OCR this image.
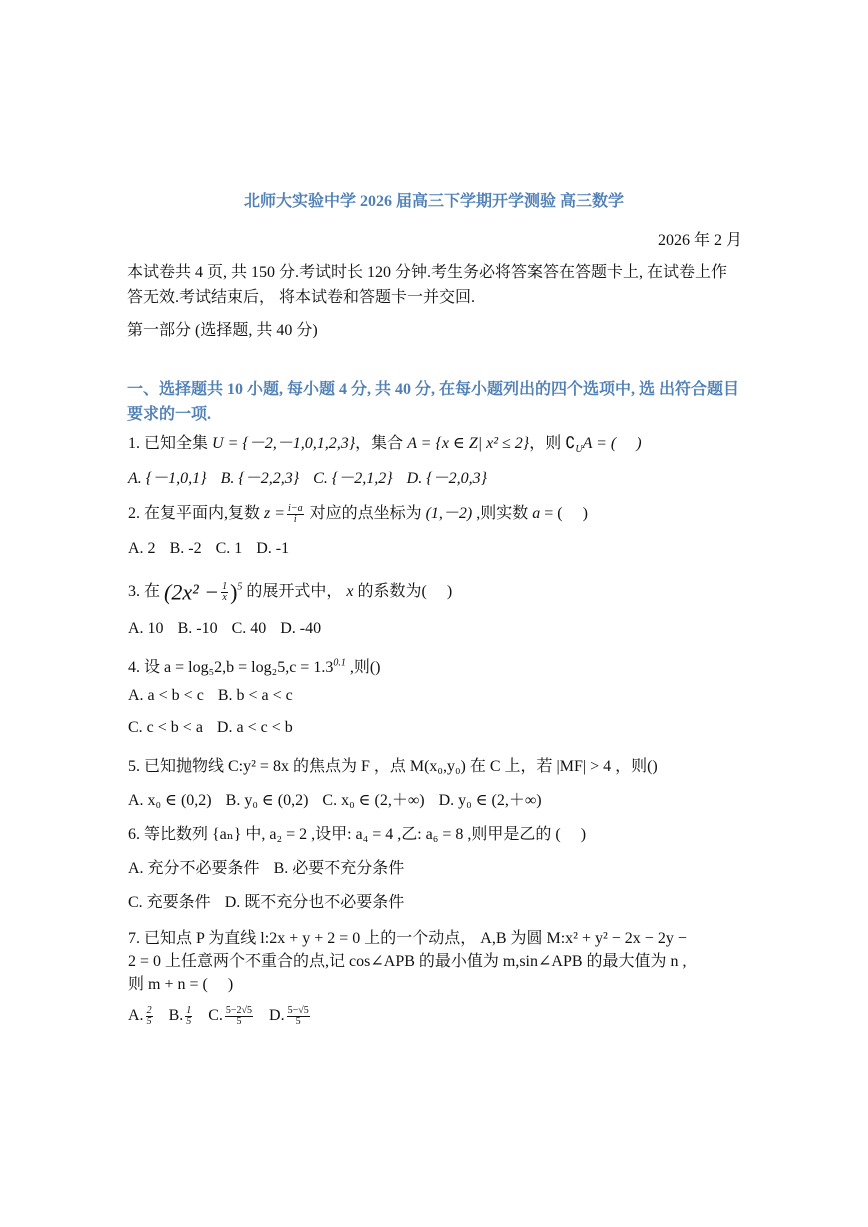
北师大实验中学 2026 届高三下学期开学测验 高三数学
2026 年 2 月
本试卷共 4 页, 共 150 分.考试时长 120 分钟.考生务必将答案答在答题卡上, 在试卷上作答无效.考试结束后， 将本试卷和答题卡一并交回.
第一部分 (选择题, 共 40 分)
一、选择题共 10 小题, 每小题 4 分, 共 40 分, 在每小题列出的四个选项中, 选 出符合题目要求的一项.
1. 已知全集 U = {－2,－1,0,1,2,3}，集合 A = {x ∈ Z| x² ≤ 2}，则 $∁_UA$ = (　 )
A. {－1,0,1} B. {－2,2,3} C. {－2,1,2} D. {－2,0,3}
2. 在复平面内,复数 $z = \frac{i-a}{i}$ 对应的点坐标为 (1,－2) ,则实数 a = (　 )
A. 2 B. -2 C. 1 D. -1
3. 在 $(2x^2 - \frac{1}{x} )^5$ 的展开式中， x 的系数为(　 )
A. 10 B. -10 C. 40 D. -40
4. 设 $a = \log_52,b = \log_25,c = 1.3^{0.1}$ ,则()
A. a < b < c B. b < a < c
C. c < b < a D. a < c < b
5. 已知抛物线 C:y² = 8x 的焦点为 F ，点 M(x₀,y₀) 在 C 上，若 |MF| > 4 ，则()
A. x₀ ∈ (0,2) B. y₀ ∈ (0,2) C. x₀ ∈ (2,＋∞) D. y₀ ∈ (2,＋∞)
6. 等比数列 {aₙ} 中, a₂ = 2 ,设甲: a₄ = 4 ,乙: a₆ = 8 ,则甲是乙的 (　 )
A. 充分不必要条件 B. 必要不充分条件
C. 充要条件 D. 既不充分也不必要条件
7. 已知点 P 为直线 l:2x + y + 2 = 0 上的一个动点， A,B 为圆 M:x² + y² − 2x − 2y −
2 = 0 上任意两个不重合的点,记 cos∠APB 的最小值为 m,sin∠APB 的最大值为 n ,
则 m + n = (　 )
A. $\frac{2}{5} B$. $\frac{1}{5} C$. $\frac{5-2√5}{5} D$. $\frac{5-√5}{5}$
